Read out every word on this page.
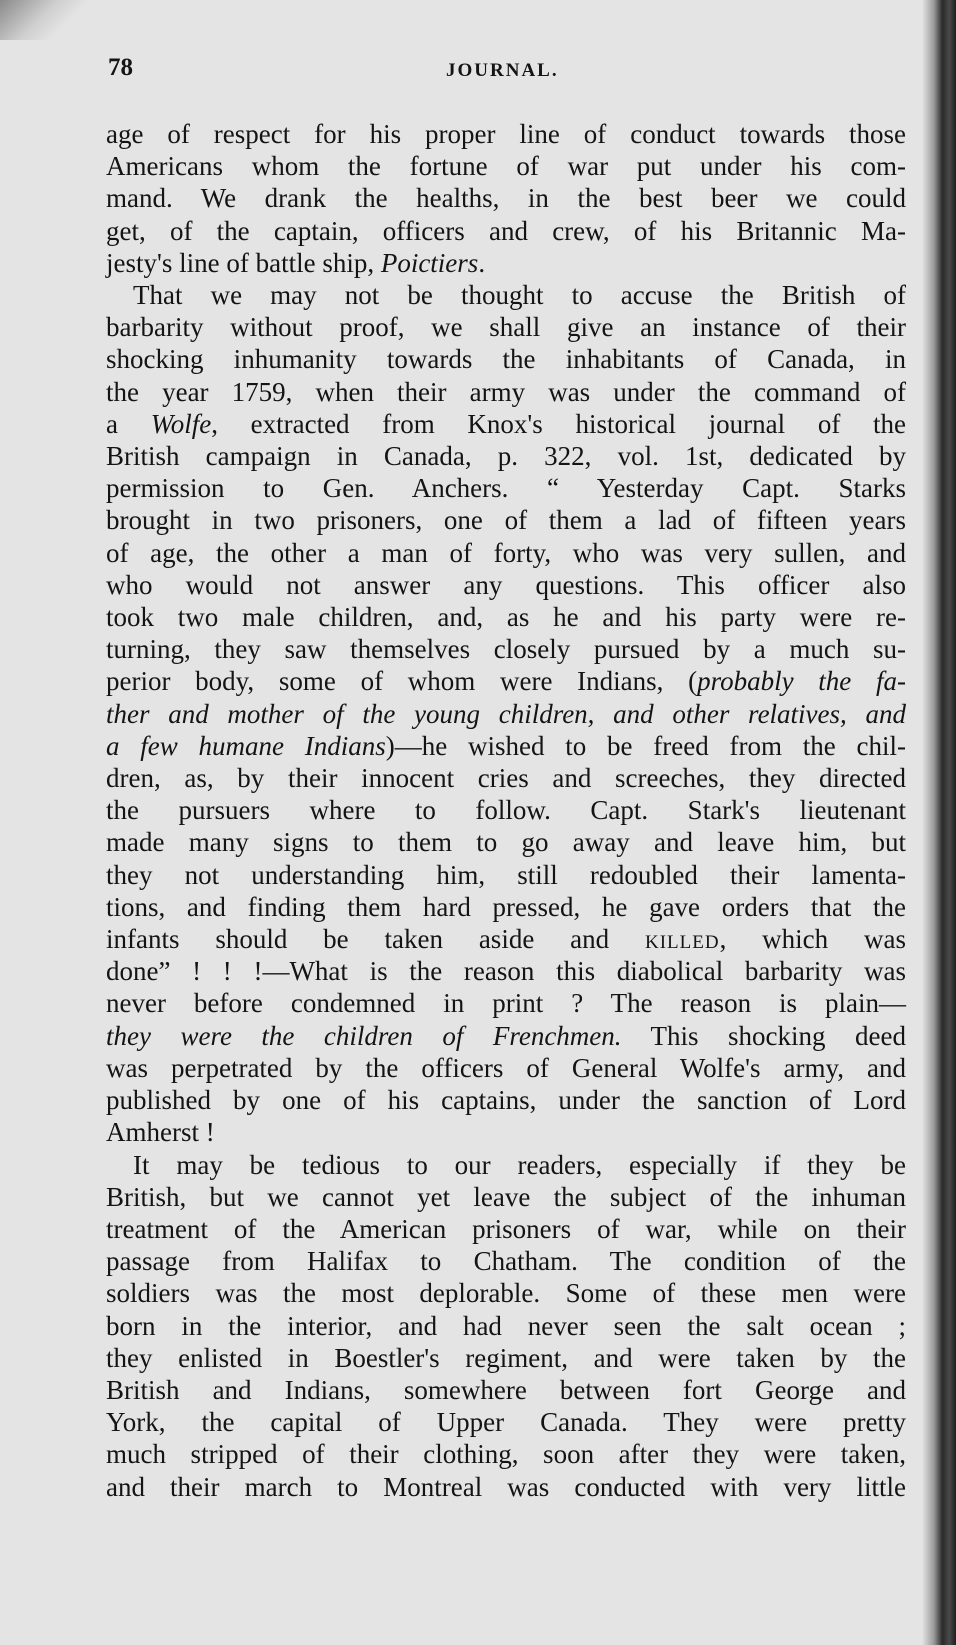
78	JOURNAL.

age of respect for his proper line of conduct towards those

Americans whom the fortune of war put under his com-

mand. We drank the healths, in the best beer we could

get, of the captain, officers and crew, of his Britannic Ma-

jesty's line of battle ship, Poictiers.

 That we may not be thought to accuse the British of

barbarity without proof, we shall give an instance of their

shocking inhumanity towards the inhabitants of Canada, in

the year 1759, when their army was under the command of

a Wolfe, extracted from Knox's historical journal of the

British campaign in Canada, p. 322, vol. 1st, dedicated by

permission to Gen. Anchers. “ Yesterday Capt. Starks

brought in two prisoners, one of them a lad of fifteen years

of age, the other a man of forty, who was very sullen, and

who would not answer any questions. This officer also

took two male children, and, as he and his party were re-

turning, they saw themselves closely pursued by a much su-

perior body, some of whom were Indians, (probably the fa-

ther and mother of the young children, and other relatives, and

a few humane Indians)—he wished to be freed from the chil-

dren, as, by their innocent cries and screeches, they directed

the pursuers where to follow. Capt. Stark's lieutenant

made many signs to them to go away and leave him, but

they not understanding him, still redoubled their lamenta-

tions, and finding them hard pressed, he gave orders that the

infants should be taken aside and killed, which was

done” ! ! !—What is the reason this diabolical barbarity was

never before condemned in print ? The reason is plain—

they were the children of Frenchmen. This shocking deed

was perpetrated by the officers of General Wolfe's army, and

published by one of his captains, under the sanction of Lord

Amherst !

 It may be tedious to our readers, especially if they be

British, but we cannot yet leave the subject of the inhuman

treatment of the American prisoners of war, while on their

passage from Halifax to Chatham. The condition of the

soldiers was the most deplorable. Some of these men were

born in the interior, and had never seen the salt ocean ;

they enlisted in Boestler's regiment, and were taken by the

British and Indians, somewhere between fort George and

York, the capital of Upper Canada. They were pretty

much stripped of their clothing, soon after they were taken,

and their march to Montreal was conducted with very little
